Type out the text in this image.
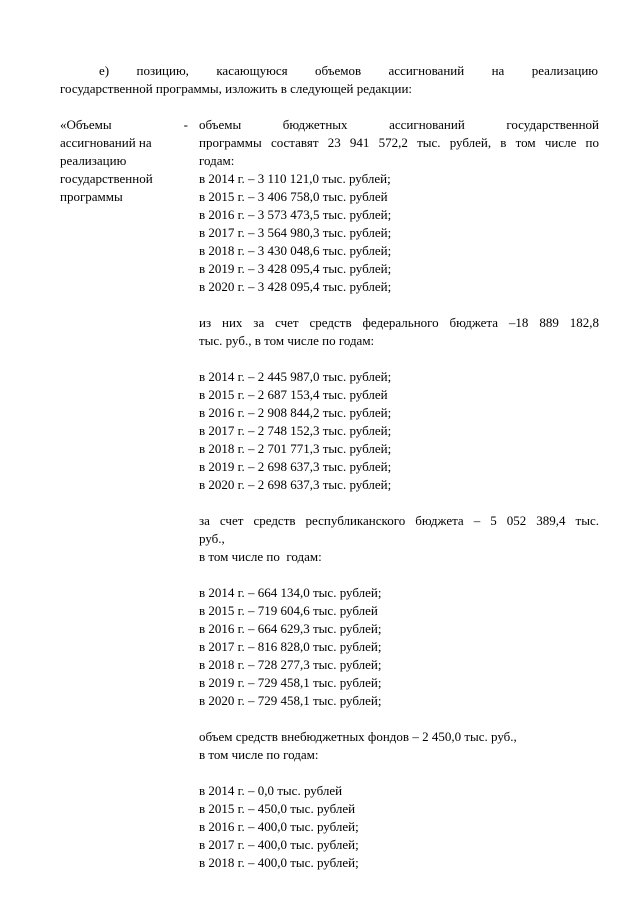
е) позицию, касающуюся объемов ассигнований на реализацию
государственной программы, изложить в следующей редакции:

«Объемы	-
ассигнований на
реализацию
государственной
программы
объемы бюджетных ассигнований государственной
программы составят 23 941 572,2 тыс. рублей, в том числе по
годам:
в 2014 г. – 3 110 121,0 тыс. рублей;
в 2015 г. – 3 406 758,0 тыс. рублей
в 2016 г. – 3 573 473,5 тыс. рублей;
в 2017 г. – 3 564 980,3 тыс. рублей;
в 2018 г. – 3 430 048,6 тыс. рублей;
в 2019 г. – 3 428 095,4 тыс. рублей;
в 2020 г. – 3 428 095,4 тыс. рублей;
из них за счет средств федерального бюджета –18 889 182,8
тыс. руб., в том числе по годам:
в 2014 г. – 2 445 987,0 тыс. рублей;
в 2015 г. – 2 687 153,4 тыс. рублей
в 2016 г. – 2 908 844,2 тыс. рублей;
в 2017 г. – 2 748 152,3 тыс. рублей;
в 2018 г. – 2 701 771,3 тыс. рублей;
в 2019 г. – 2 698 637,3 тыс. рублей;
в 2020 г. – 2 698 637,3 тыс. рублей;
за счет средств республиканского бюджета – 5 052 389,4 тыс.
руб.,
в том числе по  годам:
в 2014 г. – 664 134,0 тыс. рублей;
в 2015 г. – 719 604,6 тыс. рублей
в 2016 г. – 664 629,3 тыс. рублей;
в 2017 г. – 816 828,0 тыс. рублей;
в 2018 г. – 728 277,3 тыс. рублей;
в 2019 г. – 729 458,1 тыс. рублей;
в 2020 г. – 729 458,1 тыс. рублей;
объем средств внебюджетных фондов – 2 450,0 тыс. руб.,
в том числе по годам:
в 2014 г. – 0,0 тыс. рублей
в 2015 г. – 450,0 тыс. рублей
в 2016 г. – 400,0 тыс. рублей;
в 2017 г. – 400,0 тыс. рублей;
в 2018 г. – 400,0 тыс. рублей;
